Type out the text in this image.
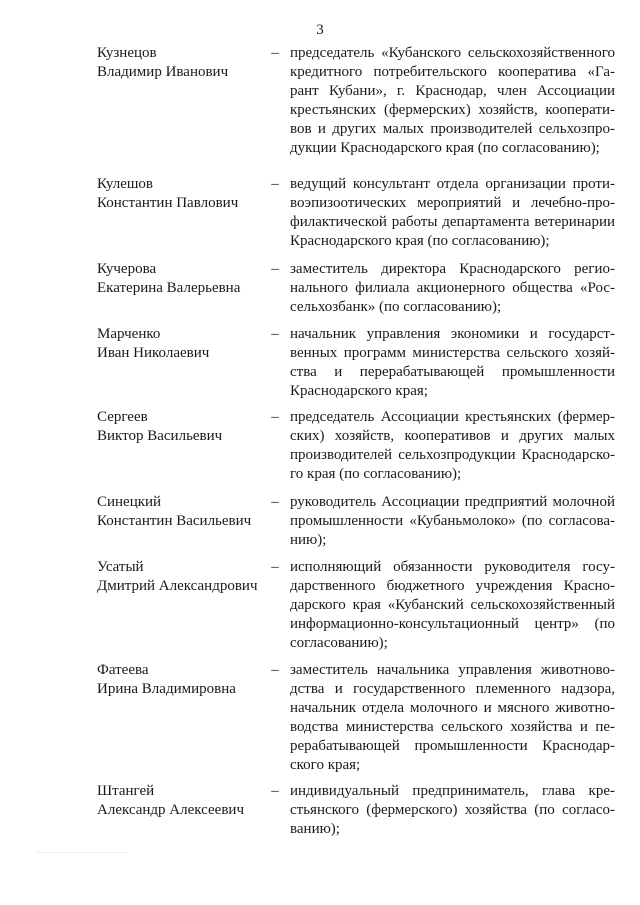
3
Кузнецов
Владимир Иванович
– председатель «Кубанского сельскохозяйственного кредитного потребительского кооператива «Гарант Кубани», г. Краснодар, член Ассоциации крестьянских (фермерских) хозяйств, кооперативов и других малых производителей сельхозпродукции Краснодарского края (по согласованию);
Кулешов
Константин Павлович
– ведущий консультант отдела организации противоэпизоотических мероприятий и лечебно-профилактической работы департамента ветеринарии Краснодарского края (по согласованию);
Кучерова
Екатерина Валерьевна
– заместитель директора Краснодарского регионального филиала акционерного общества «Россельхозбанк» (по согласованию);
Марченко
Иван Николаевич
– начальник управления экономики и государственных программ министерства сельского хозяйства и перерабатывающей промышленности Краснодарского края;
Сергеев
Виктор Васильевич
– председатель Ассоциации крестьянских (фермерских) хозяйств, кооперативов и других малых производителей сельхозпродукции Краснодарского края (по согласованию);
Синецкий
Константин Васильевич
– руководитель Ассоциации предприятий молочной промышленности «Кубаньмолоко» (по согласованию);
Усатый
Дмитрий Александрович
– исполняющий обязанности руководителя государственного бюджетного учреждения Краснодарского края «Кубанский сельскохозяйственный информационно-консультационный центр» (по согласованию);
Фатеева
Ирина Владимировна
– заместитель начальника управления животноводства и государственного племенного надзора, начальник отдела молочного и мясного животноводства министерства сельского хозяйства и перерабатывающей промышленности Краснодарского края;
Штангей
Александр Алексеевич
– индивидуальный предприниматель, глава крестьянского (фермерского) хозяйства (по согласованию);
